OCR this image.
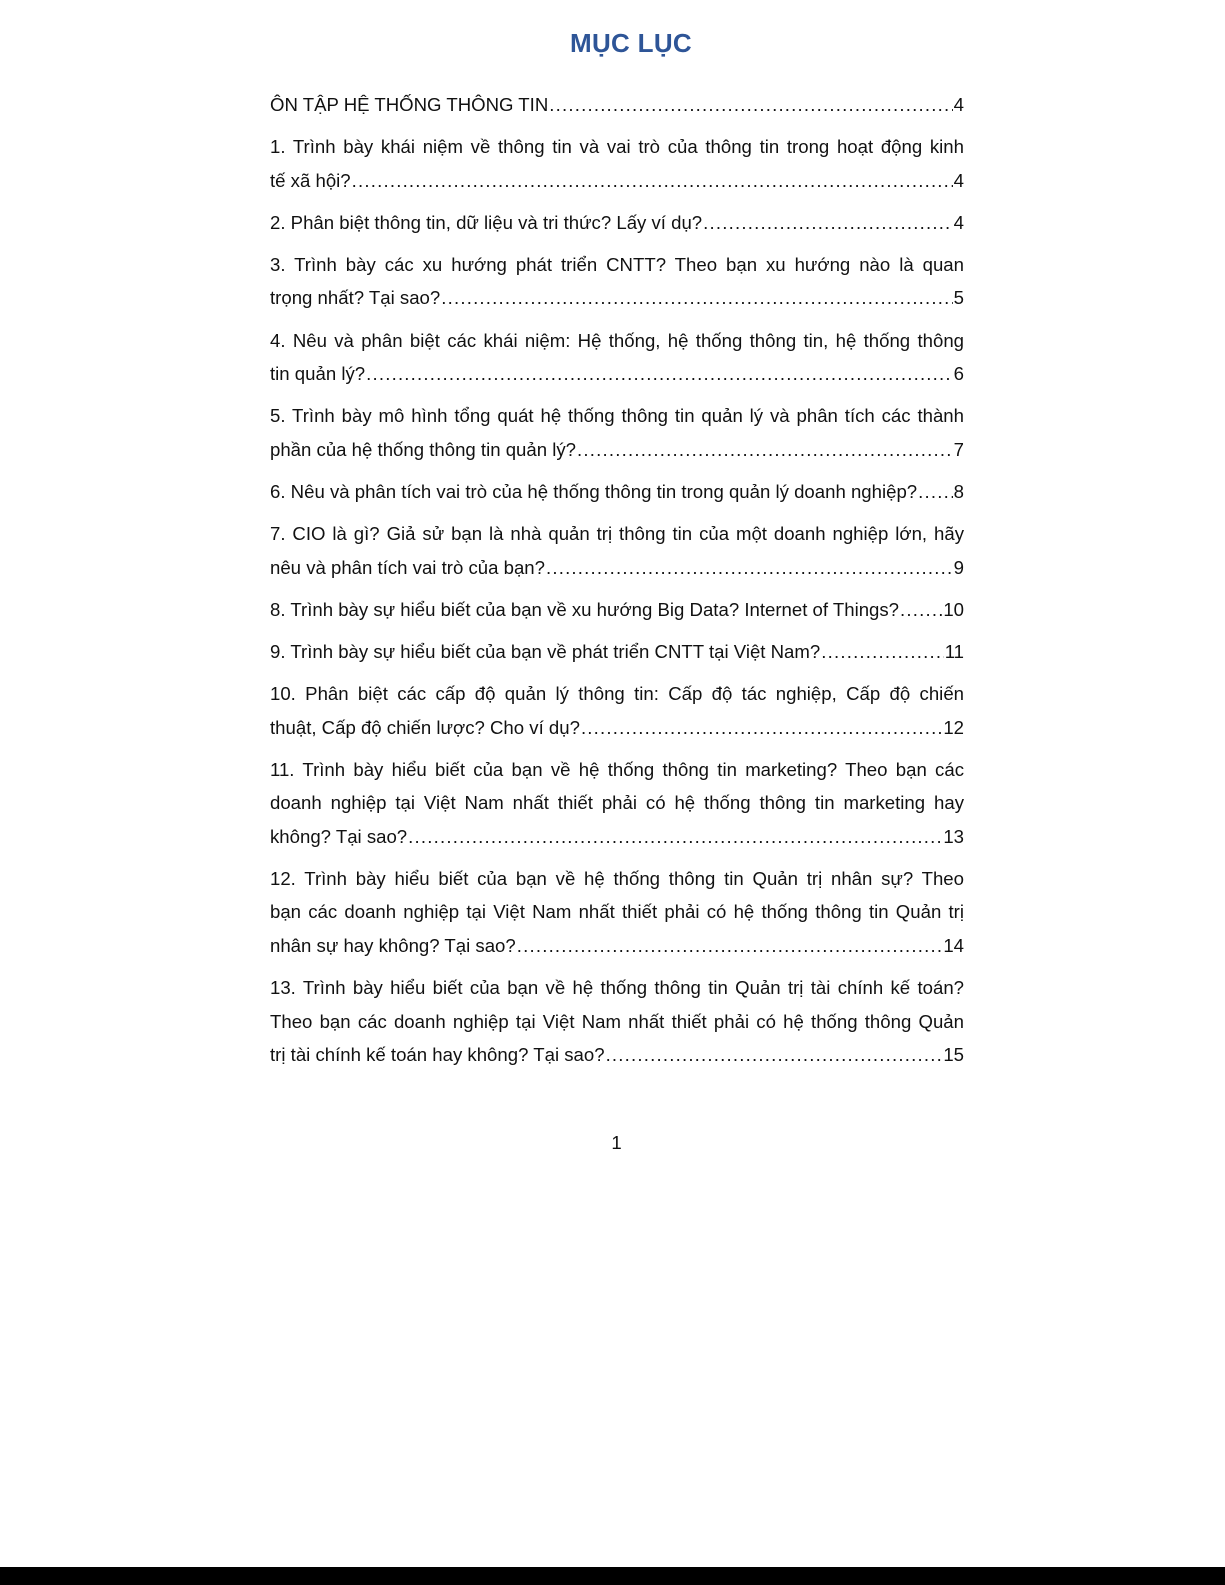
MỤC LỤC
ÔN TẬP HỆ THỐNG THÔNG TIN .....	4
1. Trình bày khái niệm về thông tin và vai trò của thông tin trong hoạt động kinh
tế xã hội? .....	4
2. Phân biệt thông tin, dữ liệu và tri thức? Lấy ví dụ? .....	4
3. Trình bày các xu hướng phát triển CNTT? Theo bạn xu hướng nào là quan
trọng nhất? Tại sao? .....	5
4. Nêu và phân biệt các khái niệm: Hệ thống, hệ thống thông tin, hệ thống thông
tin quản lý? .....	6
5. Trình bày mô hình tổng quát hệ thống thông tin quản lý và phân tích các thành
phần của hệ thống thông tin quản lý? .....	7
6. Nêu và phân tích vai trò của hệ thống thông tin trong quản lý doanh nghiệp? ..... 8
7. CIO là gì? Giả sử bạn là nhà quản trị thông tin của một doanh nghiệp lớn, hãy
nêu và phân tích vai trò của bạn? .....	9
8. Trình bày sự hiểu biết của bạn về xu hướng Big Data? Internet of Things? ..... 10
9. Trình bày sự hiểu biết của bạn về phát triển CNTT tại Việt Nam? .....	11
10. Phân biệt các cấp độ quản lý thông tin: Cấp độ tác nghiệp, Cấp độ chiến
thuật, Cấp độ chiến lược? Cho ví dụ? .....	12
11. Trình bày hiểu biết của bạn về hệ thống thông tin marketing? Theo bạn các
doanh nghiệp tại Việt Nam nhất thiết phải có hệ thống thông tin marketing hay
không? Tại sao? .....	13
12. Trình bày hiểu biết của bạn về hệ thống thông tin Quản trị nhân sự? Theo
bạn các doanh nghiệp tại Việt Nam nhất thiết phải có hệ thống thông tin Quản trị
nhân sự hay không? Tại sao? .....	14
13. Trình bày hiểu biết của bạn về hệ thống thông tin Quản trị tài chính kế toán?
Theo bạn các doanh nghiệp tại Việt Nam nhất thiết phải có hệ thống thông Quản
trị tài chính kế toán hay không? Tại sao? .....	15
1
